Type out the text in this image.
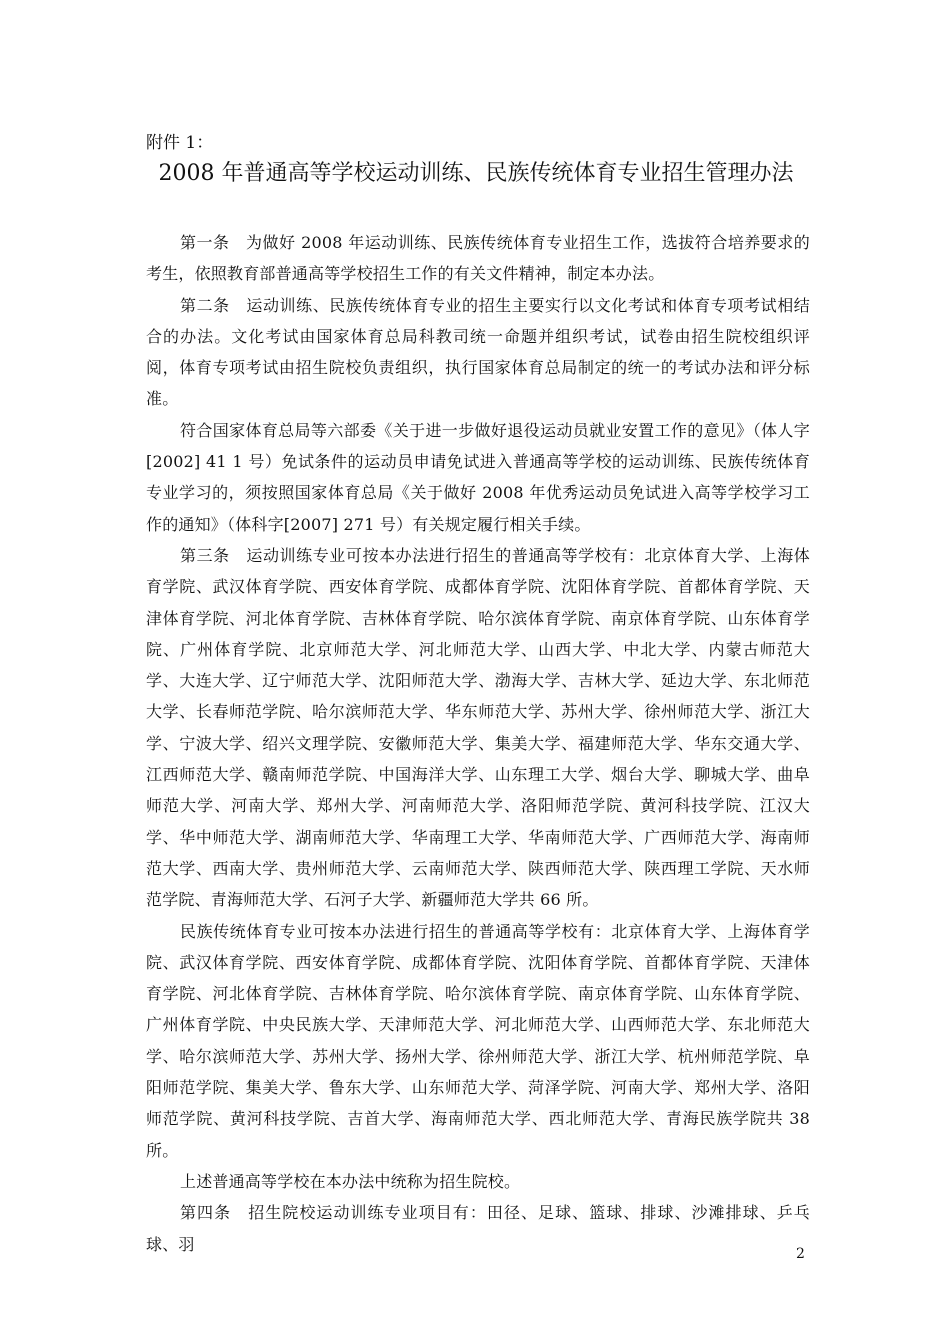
附件 1：
2008 年普通高等学校运动训练、民族传统体育专业招生管理办法

第一条　为做好 2008 年运动训练、民族传统体育专业招生工作，选拔符合培养要求的考生，依照教育部普通高等学校招生工作的有关文件精神，制定本办法。

第二条　运动训练、民族传统体育专业的招生主要实行以文化考试和体育专项考试相结合的办法。文化考试由国家体育总局科教司统一命题并组织考试，试卷由招生院校组织评阅，体育专项考试由招生院校负责组织，执行国家体育总局制定的统一的考试办法和评分标准。

符合国家体育总局等六部委《关于进一步做好退役运动员就业安置工作的意见》（体人字[2002] 41 1 号）免试条件的运动员申请免试进入普通高等学校的运动训练、民族传统体育专业学习的，须按照国家体育总局《关于做好 2008 年优秀运动员免试进入高等学校学习工作的通知》（体科字[2007] 271 号）有关规定履行相关手续。

第三条　运动训练专业可按本办法进行招生的普通高等学校有：北京体育大学、上海体育学院、武汉体育学院、西安体育学院、成都体育学院、沈阳体育学院、首都体育学院、天津体育学院、河北体育学院、吉林体育学院、哈尔滨体育学院、南京体育学院、山东体育学院、广州体育学院、北京师范大学、河北师范大学、山西大学、中北大学、内蒙古师范大学、大连大学、辽宁师范大学、沈阳师范大学、渤海大学、吉林大学、延边大学、东北师范大学、长春师范学院、哈尔滨师范大学、华东师范大学、苏州大学、徐州师范大学、浙江大学、宁波大学、绍兴文理学院、安徽师范大学、集美大学、福建师范大学、华东交通大学、江西师范大学、赣南师范学院、中国海洋大学、山东理工大学、烟台大学、聊城大学、曲阜师范大学、河南大学、郑州大学、河南师范大学、洛阳师范学院、黄河科技学院、江汉大学、华中师范大学、湖南师范大学、华南理工大学、华南师范大学、广西师范大学、海南师范大学、西南大学、贵州师范大学、云南师范大学、陕西师范大学、陕西理工学院、天水师范学院、青海师范大学、石河子大学、新疆师范大学共 66 所。

民族传统体育专业可按本办法进行招生的普通高等学校有：北京体育大学、上海体育学院、武汉体育学院、西安体育学院、成都体育学院、沈阳体育学院、首都体育学院、天津体育学院、河北体育学院、吉林体育学院、哈尔滨体育学院、南京体育学院、山东体育学院、广州体育学院、中央民族大学、天津师范大学、河北师范大学、山西师范大学、东北师范大学、哈尔滨师范大学、苏州大学、扬州大学、徐州师范大学、浙江大学、杭州师范学院、阜阳师范学院、集美大学、鲁东大学、山东师范大学、菏泽学院、河南大学、郑州大学、洛阳师范学院、黄河科技学院、吉首大学、海南师范大学、西北师范大学、青海民族学院共 38 所。

上述普通高等学校在本办法中统称为招生院校。

第四条　招生院校运动训练专业项目有：田径、足球、篮球、排球、沙滩排球、乒乓球、羽

2
